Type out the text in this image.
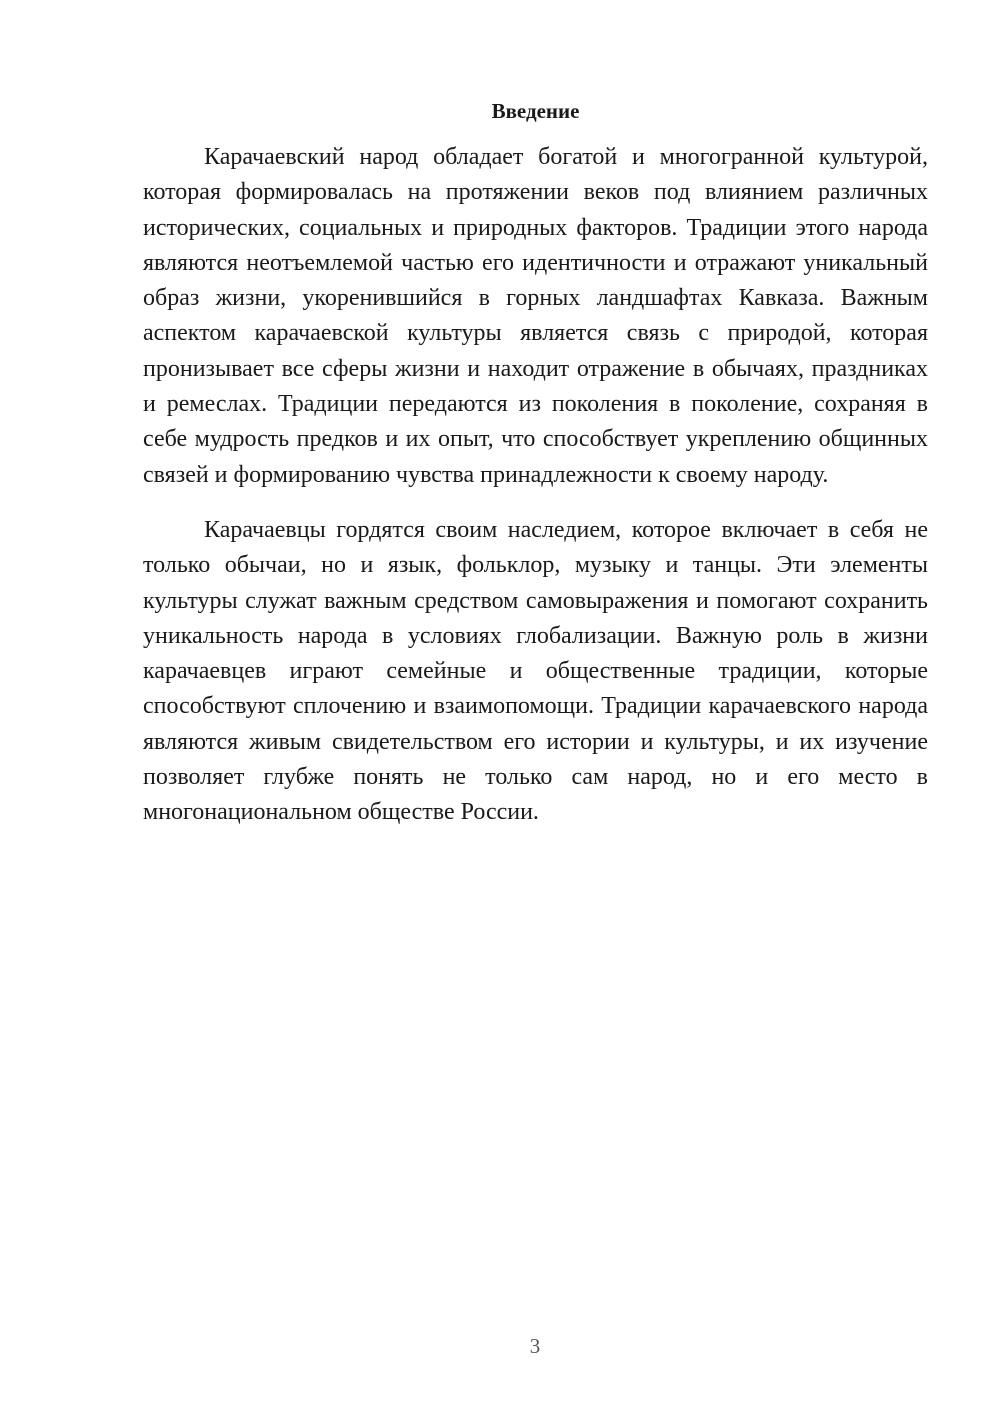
Введение

Карачаевский народ обладает богатой и многогранной культурой, которая формировалась на протяжении веков под влиянием различных исторических, социальных и природных факторов. Традиции этого народа являются неотъемлемой частью его идентичности и отражают уникальный образ жизни, укоренившийся в горных ландшафтах Кавказа. Важным аспектом карачаевской культуры является связь с природой, которая пронизывает все сферы жизни и находит отражение в обычаях, праздниках и ремеслах. Традиции передаются из поколения в поколение, сохраняя в себе мудрость предков и их опыт, что способствует укреплению общинных связей и формированию чувства принадлежности к своему народу.

Карачаевцы гордятся своим наследием, которое включает в себя не только обычаи, но и язык, фольклор, музыку и танцы. Эти элементы культуры служат важным средством самовыражения и помогают сохранить уникальность народа в условиях глобализации. Важную роль в жизни карачаевцев играют семейные и общественные традиции, которые способствуют сплочению и взаимопомощи. Традиции карачаевского народа являются живым свидетельством его истории и культуры, и их изучение позволяет глубже понять не только сам народ, но и его место в многонациональном обществе России.

3
